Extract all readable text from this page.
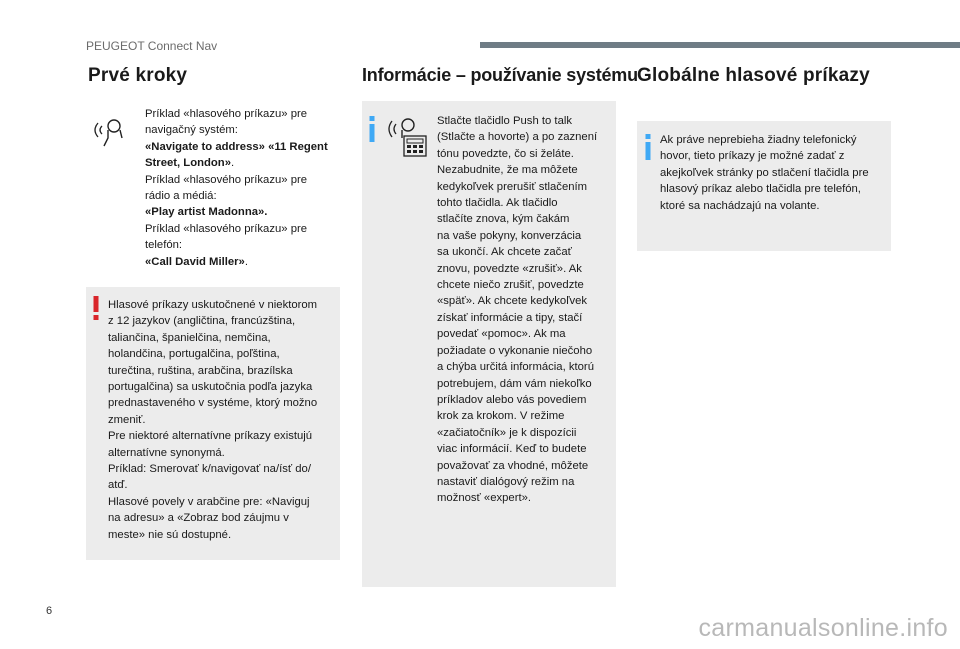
PEUGEOT Connect Nav
Prvé kroky
Príklad «hlasového príkazu» pre
navigačný systém:
«Navigate to address» «11 Regent
Street, London».
Príklad «hlasového príkazu» pre
rádio a médiá:
«Play artist Madonna».
Príklad «hlasového príkazu» pre
telefón:
«Call David Miller».
Hlasové príkazy uskutočnené v niektorom
z 12 jazykov (angličtina, francúzština,
taliančina, španielčina, nemčina,
holandčina, portugalčina, poľština,
turečtina, ruština, arabčina, brazílska
portugalčina) sa uskutočnia podľa jazyka
prednastaveného v systéme, ktorý možno
zmeniť.
Pre niektoré alternatívne príkazy existujú
alternatívne synonymá.
Príklad: Smerovať k/navigovať na/ísť do/
atď.
Hlasové povely v arabčine pre: «Naviguj
na adresu» a «Zobraz bod záujmu v
meste» nie sú dostupné.
Informácie – používanie systému
Stlačte tlačidlo Push to talk
(Stlačte a hovorte) a po zaznení
tónu povedzte, čo si želáte.
Nezabudnite, že ma môžete
kedykoľvek prerušiť stlačením
tohto tlačidla. Ak tlačidlo
stlačíte znova, kým čakám
na vaše pokyny, konverzácia
sa ukončí. Ak chcete začať
znovu, povedzte «zrušiť». Ak
chcete niečo zrušiť, povedzte
«späť». Ak chcete kedykoľvek
získať informácie a tipy, stačí
povedať «pomoc». Ak ma
požiadate o vykonanie niečoho
a chýba určitá informácia, ktorú
potrebujem, dám vám niekoľko
príkladov alebo vás povediem
krok za krokom. V režime
«začiatočník» je k dispozícii
viac informácií. Keď to budete
považovať za vhodné, môžete
nastaviť dialógový režim na
možnosť «expert».
Globálne hlasové príkazy
Ak práve neprebieha žiadny telefonický
hovor, tieto príkazy je možné zadať z
akejkoľvek stránky po stlačení tlačidla pre
hlasový príkaz alebo tlačidla pre telefón,
ktoré sa nachádzajú na volante.
6
carmanualsonline.info
